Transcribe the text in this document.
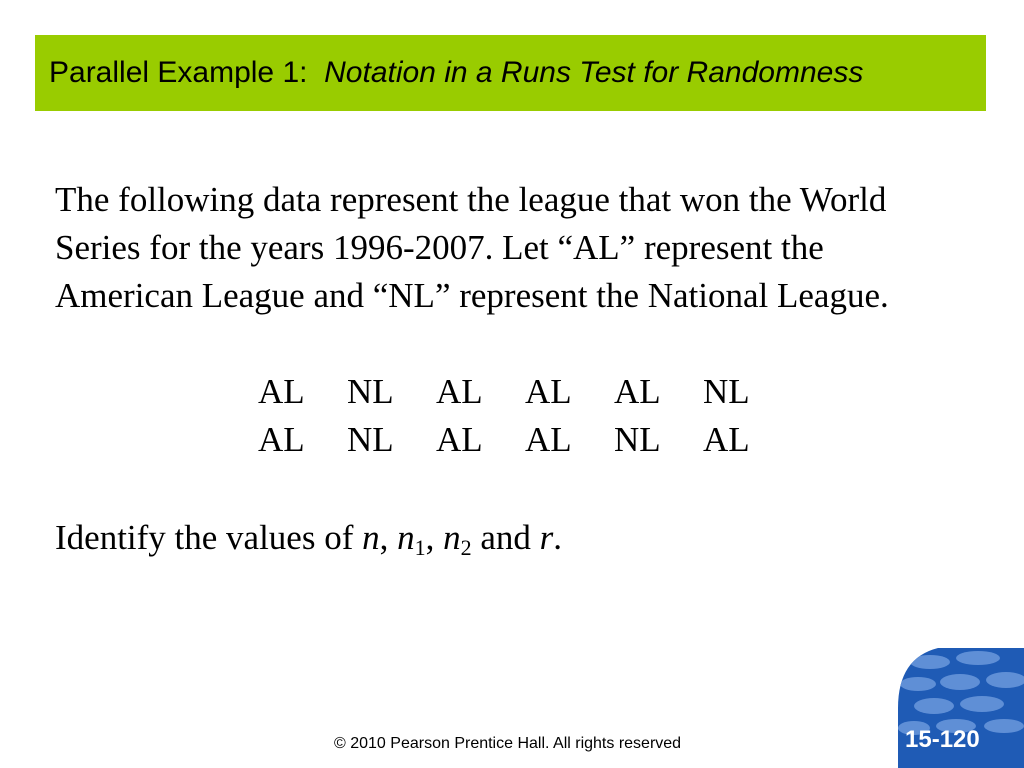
Parallel Example 1:
Notation in a Runs Test for Randomness

The following data represent the league that won the World Series for the years 1996-2007. Let “AL” represent the American League and “NL” represent the National League.

AL	NL	AL	AL	AL	NL
AL	NL	AL	AL	NL	AL
Identify the values of n, $n_1$, $n_2$ and r.
© 2010 Pearson Prentice Hall. All rights reserved	15-120
